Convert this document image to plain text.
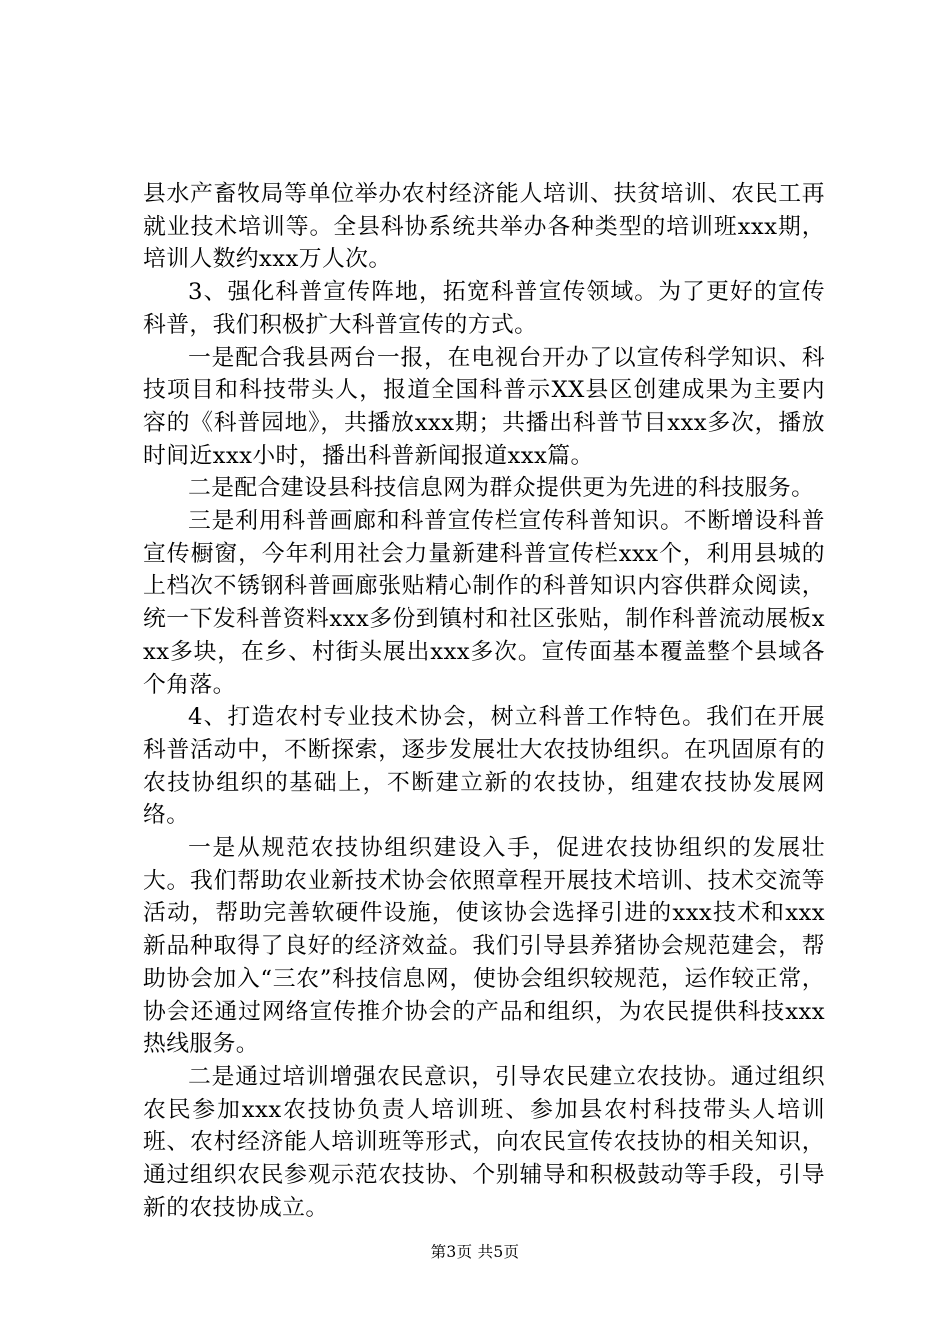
县水产畜牧局等单位举办农村经济能人培训、扶贫培训、农民工再就业技术培训等。全县科协系统共举办各种类型的培训班xxx期，培训人数约xxx万人次。

3、强化科普宣传阵地，拓宽科普宣传领域。为了更好的宣传科普，我们积极扩大科普宣传的方式。

一是配合我县两台一报，在电视台开办了以宣传科学知识、科技项目和科技带头人，报道全国科普示XX县区创建成果为主要内容的《科普园地》，共播放xxx期；共播出科普节目xxx多次，播放时间近xxx小时，播出科普新闻报道xxx篇。

二是配合建设县科技信息网为群众提供更为先进的科技服务。

三是利用科普画廊和科普宣传栏宣传科普知识。不断增设科普宣传橱窗，今年利用社会力量新建科普宣传栏xxx个，利用县城的上档次不锈钢科普画廊张贴精心制作的科普知识内容供群众阅读，统一下发科普资料xxx多份到镇村和社区张贴，制作科普流动展板xxx多块，在乡、村街头展出xxx多次。宣传面基本覆盖整个县域各个角落。

4、打造农村专业技术协会，树立科普工作特色。我们在开展科普活动中，不断探索，逐步发展壮大农技协组织。在巩固原有的农技协组织的基础上，不断建立新的农技协，组建农技协发展网络。

一是从规范农技协组织建设入手，促进农技协组织的发展壮大。我们帮助农业新技术协会依照章程开展技术培训、技术交流等活动，帮助完善软硬件设施，使该协会选择引进的xxx技术和xxx新品种取得了良好的经济效益。我们引导县养猪协会规范建会，帮助协会加入“三农”科技信息网，使协会组织较规范，运作较正常，协会还通过网络宣传推介协会的产品和组织，为农民提供科技xxx热线服务。

二是通过培训增强农民意识，引导农民建立农技协。通过组织农民参加xxx农技协负责人培训班、参加县农村科技带头人培训班、农村经济能人培训班等形式，向农民宣传农技协的相关知识，通过组织农民参观示范农技协、个别辅导和积极鼓动等手段，引导新的农技协成立。

第3页 共5页
